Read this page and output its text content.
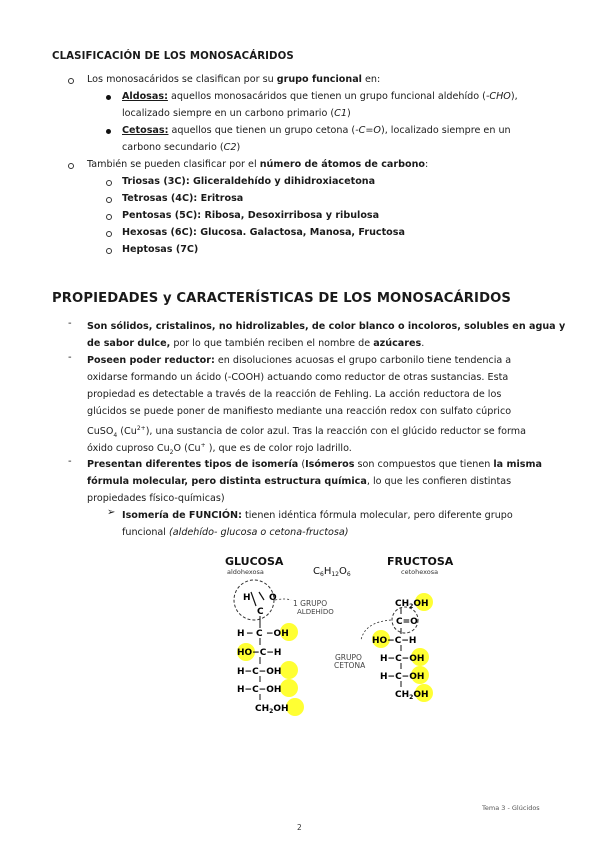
CLASIFICACIÓN DE LOS MONOSACÁRIDOS
Los monosacáridos se clasifican por su grupo funcional en:
Aldosas: aquellos monosacáridos que tienen un grupo funcional aldehído (-CHO),
localizado siempre en un carbono primario (C1)
Cetosas: aquellos que tienen un grupo cetona (-C=O), localizado siempre en un
carbono secundario (C2)
También se pueden clasificar por el número de átomos de carbono:
Triosas (3C): Gliceraldehído y dihidroxiacetona
Tetrosas (4C): Eritrosa
Pentosas (5C): Ribosa, Desoxirribosa y ribulosa
Hexosas (6C): Glucosa. Galactosa, Manosa, Fructosa
Heptosas (7C)
PROPIEDADES y CARACTERÍSTICAS DE LOS MONOSACÁRIDOS
- Son sólidos, cristalinos, no hidrolizables, de color blanco o incoloros, solubles en agua y
de sabor dulce, por lo que también reciben el nombre de azúcares.
- Poseen poder reductor: en disoluciones acuosas el grupo carbonilo tiene tendencia a
oxidarse formando un ácido (-COOH) actuando como reductor de otras sustancias. Esta
propiedad es detectable a través de la reacción de Fehling. La acción reductora de los
glúcidos se puede poner de manifiesto mediante una reacción redox con sulfato cúprico
CuSO$_4$ $(Cu^{2+})$, una sustancia de color azul. Tras la reacción con el glúcido reductor se forma
óxido cuproso $Cu_2O$ (Cu+ ), que es de color rojo ladrillo.
- Presentan diferentes tipos de isomería (Isómeros son compuestos que tienen la misma
fórmula molecular, pero distinta estructura química, lo que les confieren distintas
propiedades físico-químicas)
➢ Isomería de FUNCIÓN: tienen idéntica fórmula molecular, pero diferente grupo
funcional (aldehído- glucosa o cetona-fructosa)
GLUCOSA
aldohexosa	$C_6H_{12}O_6$
FRUCTOSA
cetohexosa
H O
C
1 GRUPO
ALDEHÍDO
H − C −OH
HO−C−H
H−C−OH
H−C−OH
$CH_2OH$
$CH_2OH$
C=O
HO−C−H
H−C−OH
H−C−OH
$CH_2OH$
GRUPO
CETONA
Tema 3 - Glúcidos
2
